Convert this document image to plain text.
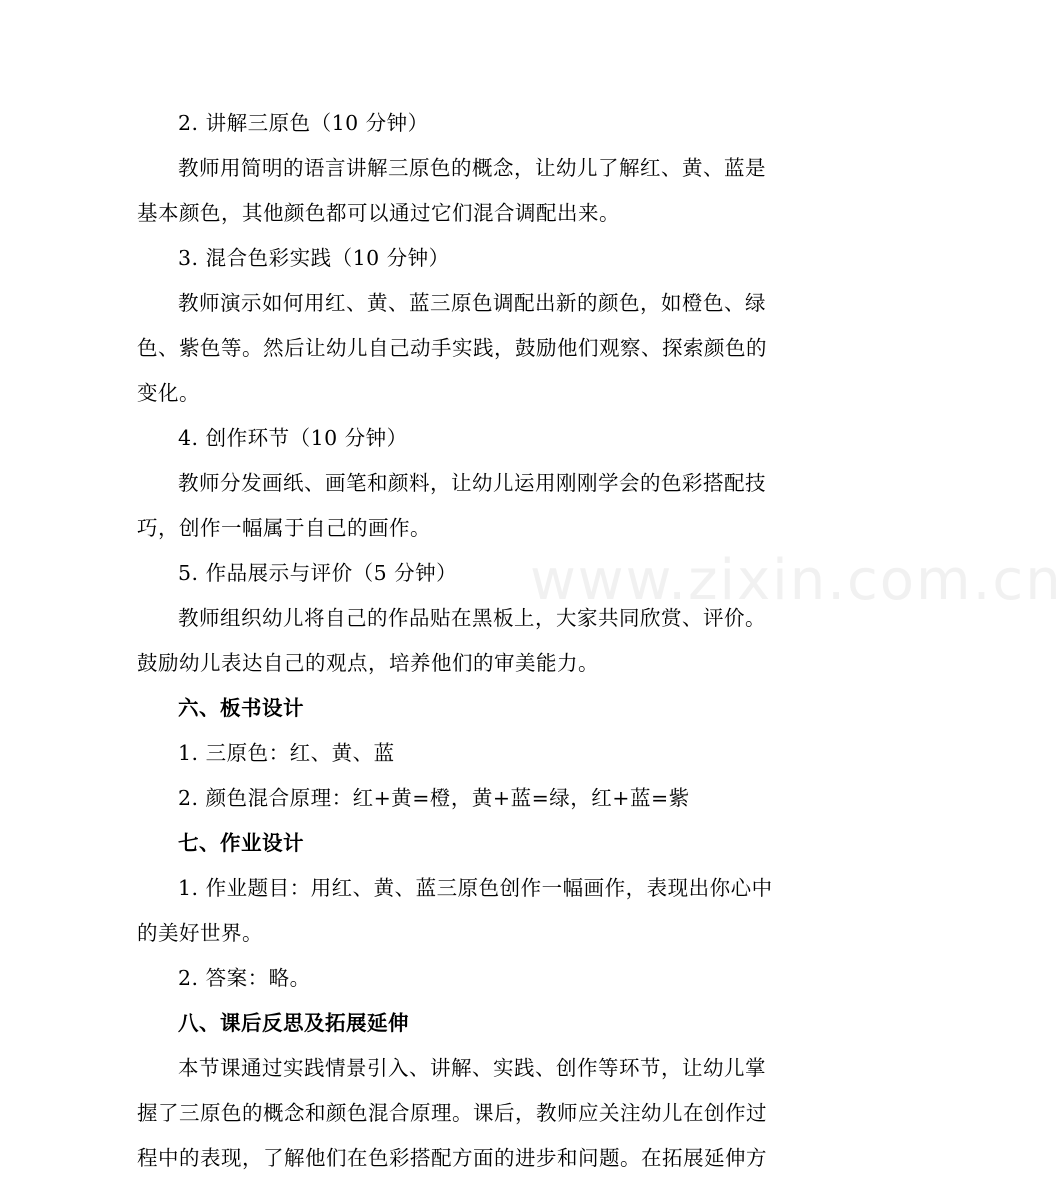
www.zixin.com.cn
2. 讲解三原色（10 分钟）
教师用简明的语言讲解三原色的概念，让幼儿了解红、黄、蓝是
基本颜色，其他颜色都可以通过它们混合调配出来。
3. 混合色彩实践（10 分钟）
教师演示如何用红、黄、蓝三原色调配出新的颜色，如橙色、绿
色、紫色等。然后让幼儿自己动手实践，鼓励他们观察、探索颜色的
变化。
4. 创作环节（10 分钟）
教师分发画纸、画笔和颜料，让幼儿运用刚刚学会的色彩搭配技
巧，创作一幅属于自己的画作。
5. 作品展示与评价（5 分钟）
教师组织幼儿将自己的作品贴在黑板上，大家共同欣赏、评价。
鼓励幼儿表达自己的观点，培养他们的审美能力。
六、板书设计
1. 三原色：红、黄、蓝
2. 颜色混合原理：红+黄=橙，黄+蓝=绿，红+蓝=紫
七、作业设计
1. 作业题目：用红、黄、蓝三原色创作一幅画作，表现出你心中
的美好世界。
2. 答案：略。
八、课后反思及拓展延伸
本节课通过实践情景引入、讲解、实践、创作等环节，让幼儿掌
握了三原色的概念和颜色混合原理。课后，教师应关注幼儿在创作过
程中的表现，了解他们在色彩搭配方面的进步和问题。在拓展延伸方
